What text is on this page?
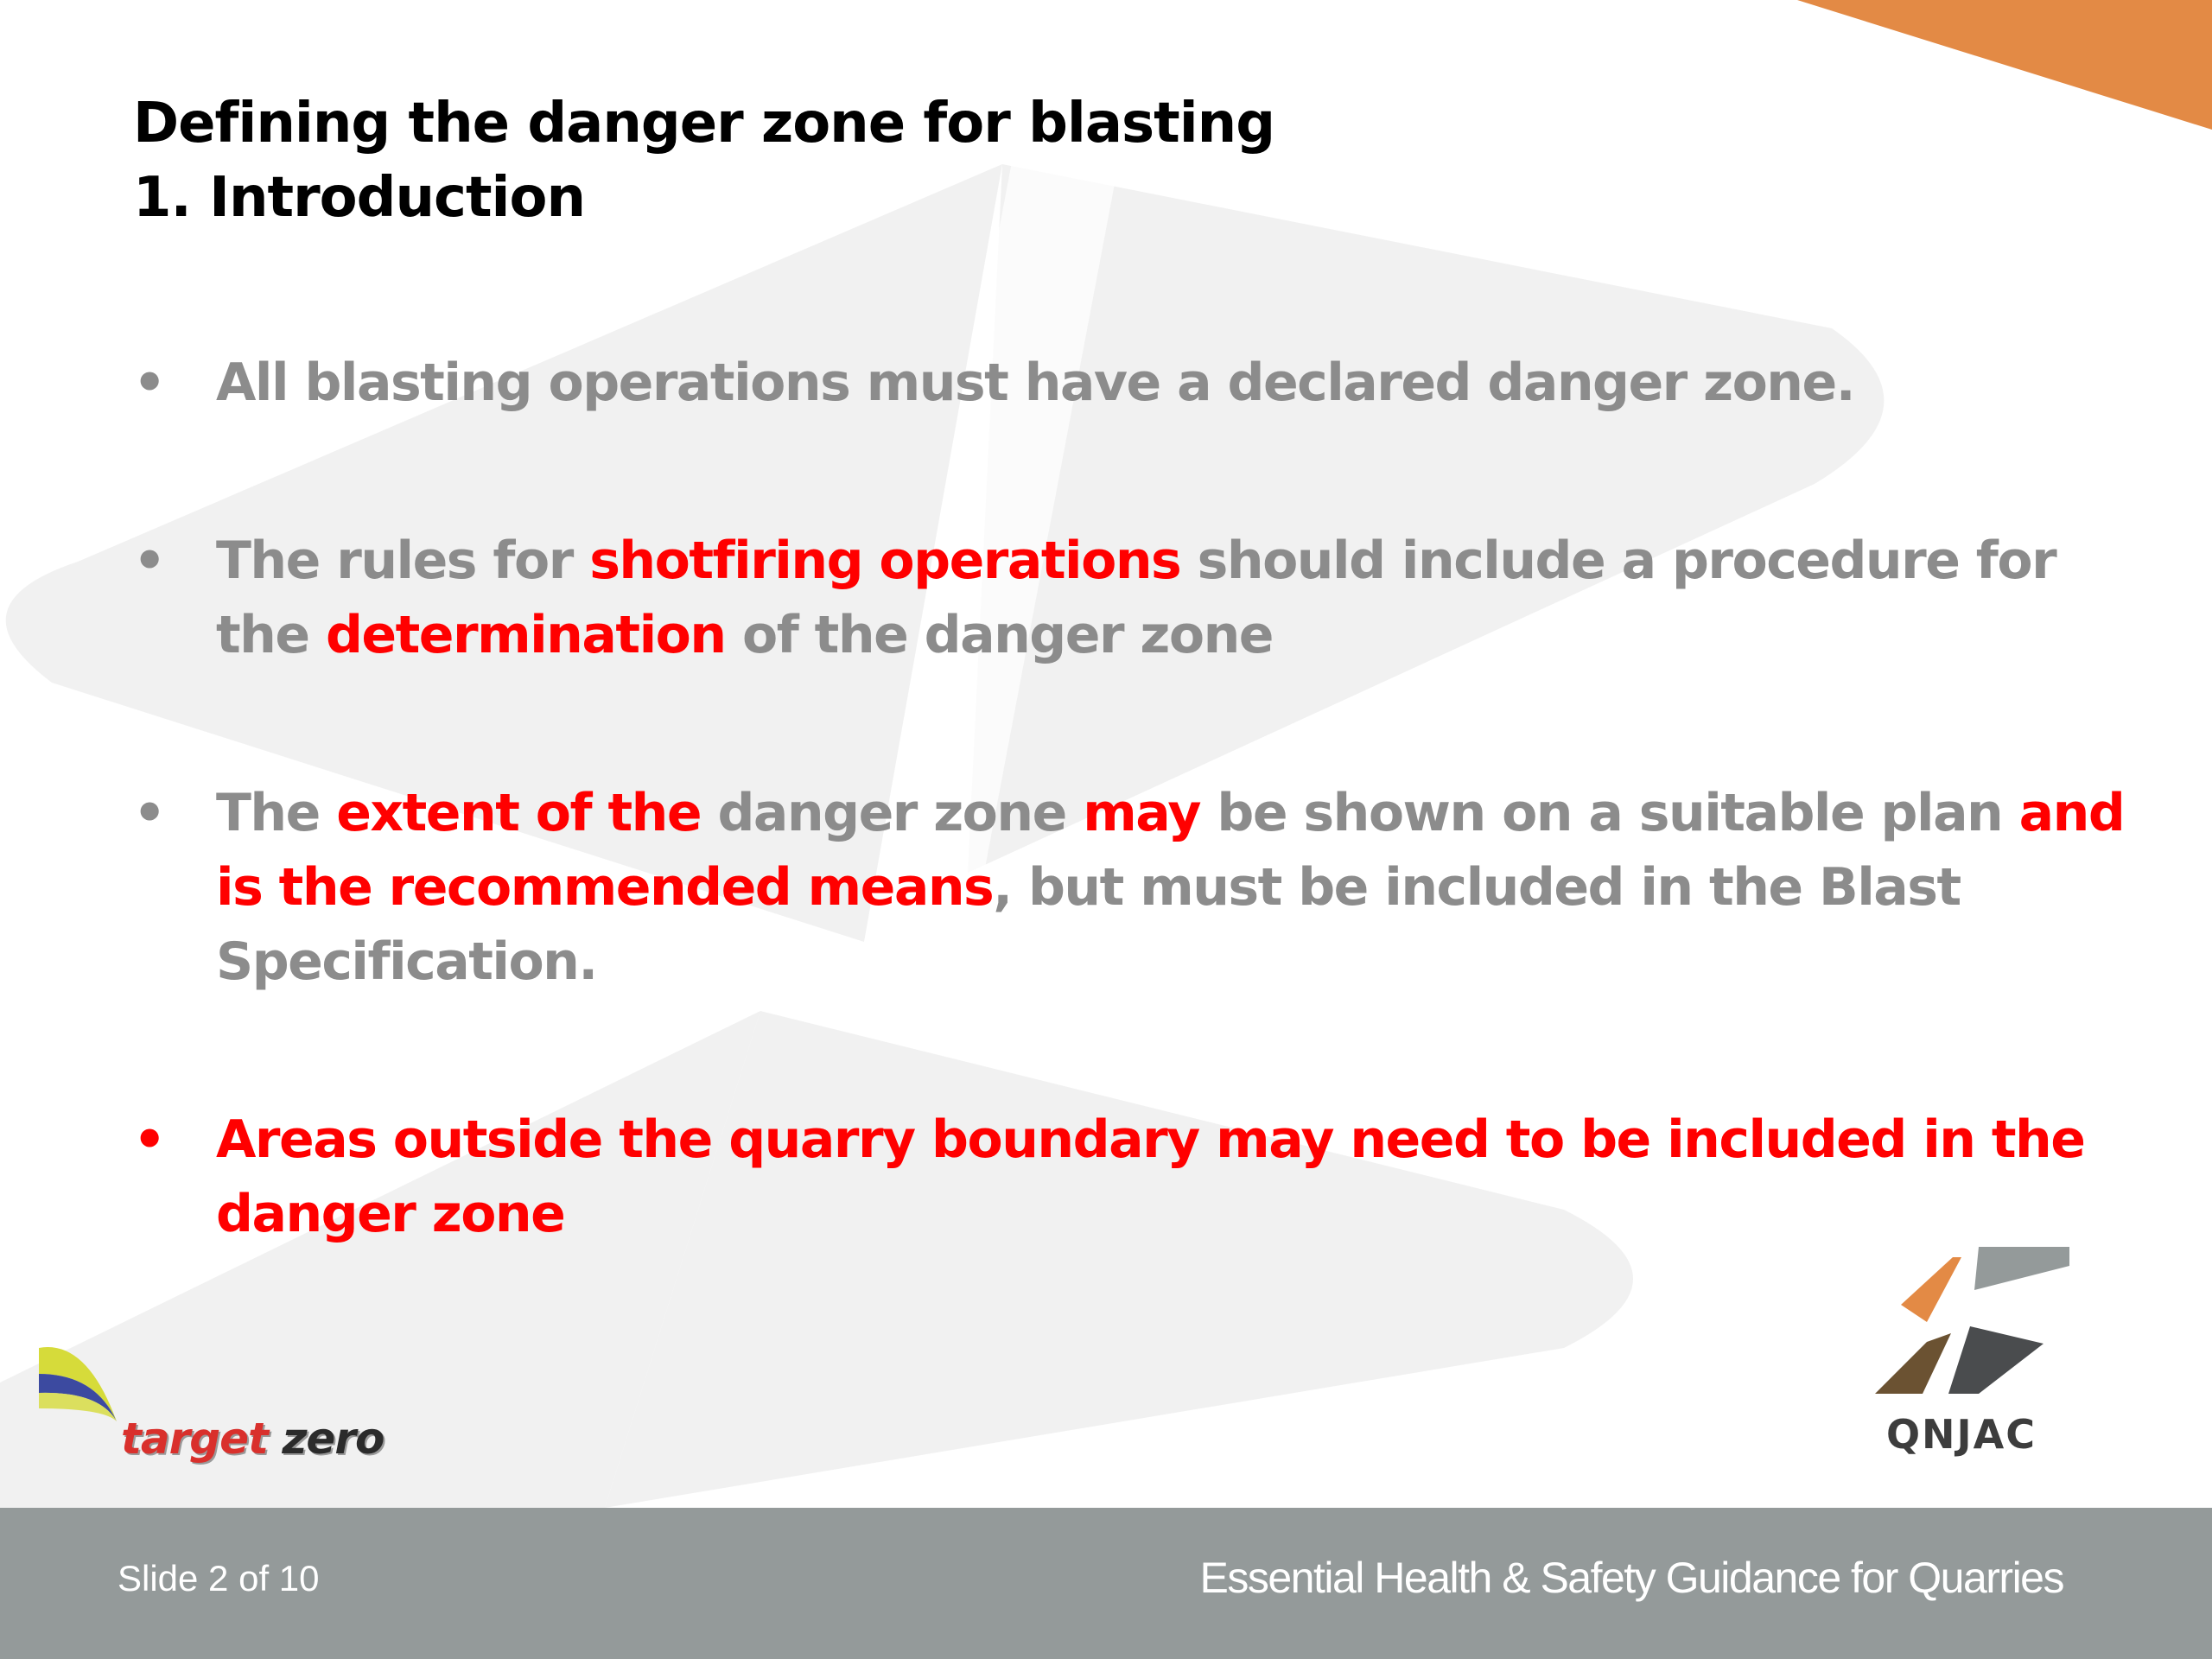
Defining the danger zone for blasting
1. Introduction
• All blasting operations must have a declared danger zone.
• The rules for shotfiring operations should include a procedure for the determination of the danger zone
• The extent of the danger zone may be shown on a suitable plan and is the recommended means, but must be included in the Blast Specification.
• Areas outside the quarry boundary may need to be included in the danger zone
target zero	QNJAC
Slide 2 of 10	Essential Health & Safety Guidance for Quarries
